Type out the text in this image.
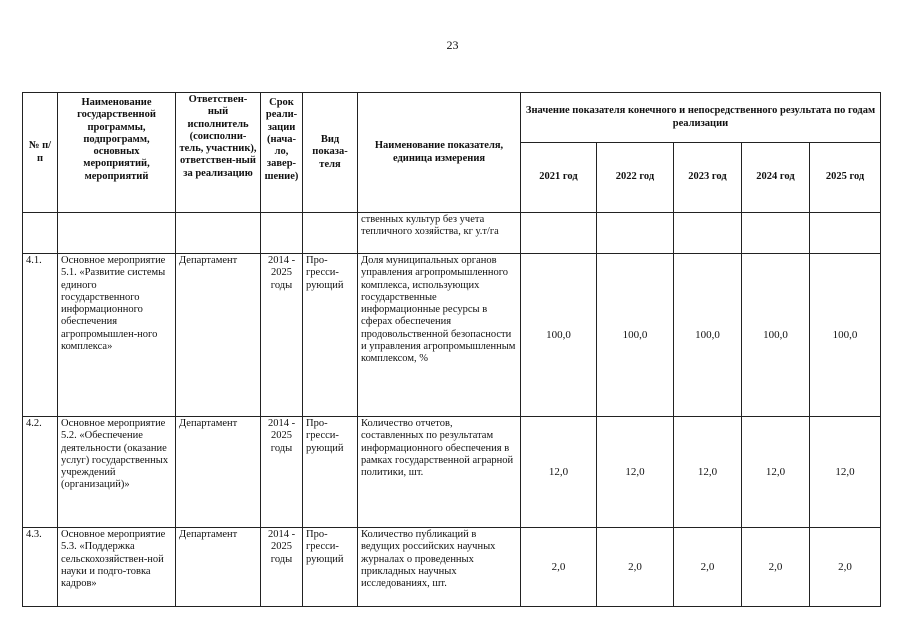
23
№ п/п	Наименование государственной программы, подпрограмм, основных мероприятий, мероприятий	Ответствен-ный исполнитель (соисполни-тель, участник), ответствен-ный за реализацию	Срок реали-зации (нача-ло, завер-шение)	Вид показа-теля	Наименование показателя, единица измерения	Значение показателя конечного и непосредственного результата по годам реализации				
						2021 год	2022 год	2023 год	2024 год	2025 год
					ственных культур без учета тепличного хозяйства, кг у.т/га					
4.1.	Основное мероприятие 5.1. «Развитие системы единого государственного информационного обеспечения агропромышлен-ного комплекса»	Департамент	2014 - 2025 годы	Про-гресси-рующий	Доля муниципальных органов управления агропромышленного комплекса, использующих государственные информационные ресурсы в сферах обеспечения продовольственной безопасности и управления агропромышленным комплексом, %	100,0	100,0	100,0	100,0	100,0
4.2.	Основное мероприятие 5.2. «Обеспечение деятельности (оказание услуг) государственных учреждений (организаций)»	Департамент	2014 - 2025 годы	Про-гресси-рующий	Количество отчетов, составленных по результатам информационного обеспечения в рамках государственной аграрной политики, шт.	12,0	12,0	12,0	12,0	12,0
4.3.	Основное мероприятие 5.3. «Поддержка сельскохозяйствен-ной науки и подго-товка кадров»	Департамент	2014 - 2025 годы	Про-гресси-рующий	Количество публикаций в ведущих российских научных журналах о проведенных прикладных научных исследованиях, шт.	2,0	2,0	2,0	2,0	2,0
